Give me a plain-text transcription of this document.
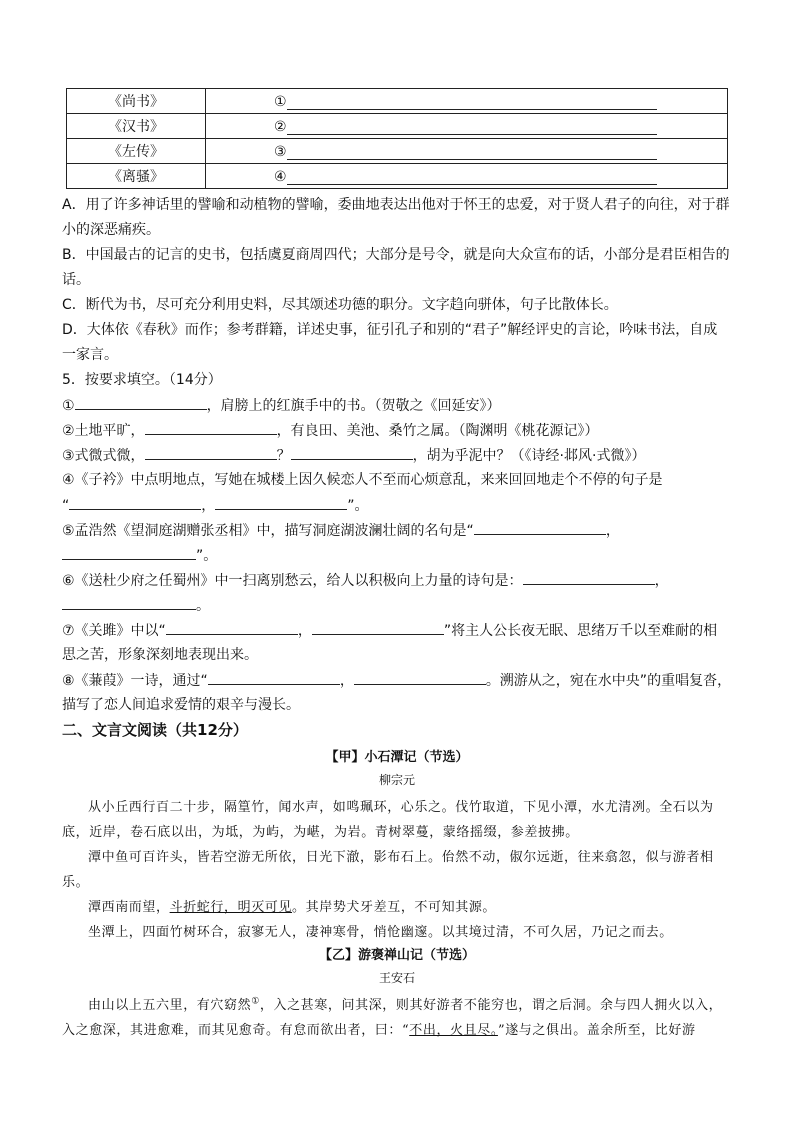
《尚书》	①
《汉书》	②
《左传》	③
《离骚》	④
A．用了许多神话里的譬喻和动植物的譬喻，委曲地表达出他对于怀王的忠爱，对于贤人君子的向往，对于群
小的深恶痛疾。
B．中国最古的记言的史书，包括虞夏商周四代；大部分是号令，就是向大众宣布的话，小部分是君臣相告的
话。
C．断代为书，尽可充分利用史料，尽其颂述功德的职分。文字趋向骈体，句子比散体长。
D．大体依《春秋》而作；参考群籍，详述史事，征引孔子和别的“君子”解经评史的言论，吟味书法，自成
一家言。
5．按要求填空。（14分）
①	，肩膀上的红旗手中的书。（贺敬之《回延安》）
②土地平旷，	，有良田、美池、桑竹之属。（陶渊明《桃花源记》）
③式微式微，	？	，胡为乎泥中？（《诗经·邶风·式微》）
④《子衿》中点明地点，写她在城楼上因久候恋人不至而心烦意乱，来来回回地走个不停的句子是
“	，	”。
⑤孟浩然《望洞庭湖赠张丞相》中，描写洞庭湖波澜壮阔的名句是“	，
”。
⑥《送杜少府之任蜀州》中一扫离别愁云，给人以积极向上力量的诗句是：	，
。
⑦《关雎》中以“	，	”将主人公长夜无眠、思绪万千以至难耐的相
思之苦，形象深刻地表现出来。
⑧《蒹葭》一诗，通过“	，	。溯游从之，宛在水中央”的重唱复沓，
描写了恋人间追求爱情的艰辛与漫长。
二、文言文阅读（共12分）
【甲】小石潭记（节选）
柳宗元
从小丘西行百二十步，隔篁竹，闻水声，如鸣珮环，心乐之。伐竹取道，下见小潭，水尤清冽。全石以为
底，近岸，卷石底以出，为坻，为屿，为嵁，为岩。青树翠蔓，蒙络摇缀，参差披拂。
潭中鱼可百许头，皆若空游无所依，日光下澈，影布石上。佁然不动，俶尔远逝，往来翕忽，似与游者相
乐。
潭西南而望，斗折蛇行，明灭可见。其岸势犬牙差互，不可知其源。
坐潭上，四面竹树环合，寂寥无人，凄神寒骨，悄怆幽邃。以其境过清，不可久居，乃记之而去。
【乙】游褒禅山记（节选）
王安石
由山以上五六里，有穴窈然①，入之甚寒，问其深，则其好游者不能穷也，谓之后洞。余与四人拥火以入，
入之愈深，其进愈难，而其见愈奇。有怠而欲出者，曰：“不出，火且尽。”遂与之俱出。盖余所至，比好游
